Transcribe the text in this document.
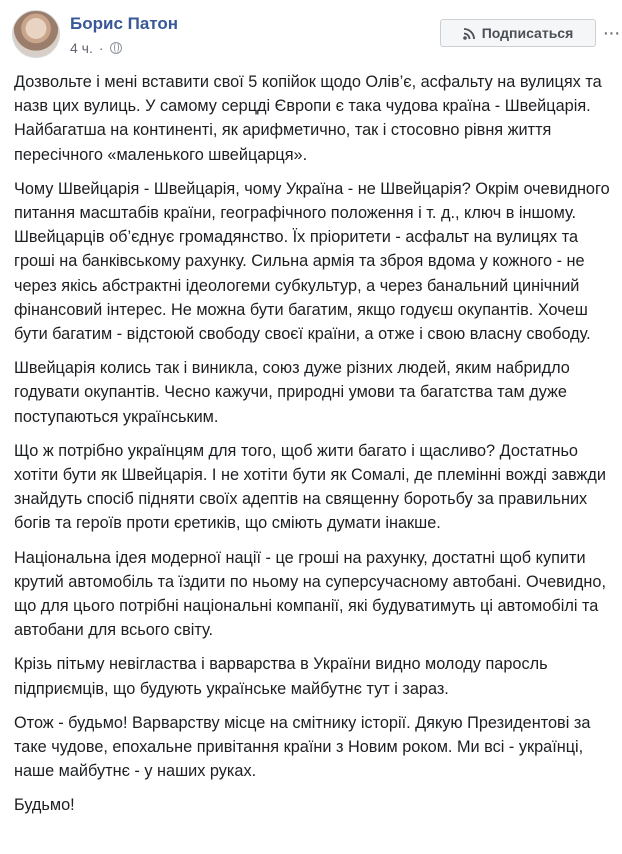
Борис Патон
4 ч. ·
Подписаться ···

Дозвольте і мені вставити свої 5 копійок щодо Олів’є, асфальту на вулицях та назв цих вулиць. У самому серцді Європи є така чудова країна - Швейцарія. Найбагатша на континенті, як арифметично, так і стосовно рівня життя пересічного «маленького швейцарця».

Чому Швейцарія - Швейцарія, чому Україна - не Швейцарія? Окрім очевидного питання масштабів країни, географічного положення і т. д., ключ в іншому. Швейцарців об’єднує громадянство. Їх пріоритети - асфальт на вулицях та гроші на банківському рахунку. Сильна армія та зброя вдома у кожного - не через якісь абстрактні ідеологеми субкультур, а через банальний цинічний фінансовий інтерес. Не можна бути багатим, якщо годуєш окупантів. Хочеш бути багатим - відстоюй свободу своєї країни, а отже і свою власну свободу.

Швейцарія колись так і виникла, союз дуже різних людей, яким набридло годувати окупантів. Чесно кажучи, природні умови та багатства там дуже поступаються українським.

Що ж потрібно українцям для того, щоб жити багато і щасливо? Достатньо хотіти бути як Швейцарія. І не хотіти бути як Сомалі, де племінні вожді завжди знайдуть спосіб підняти своїх адептів на священну боротьбу за правильних богів та героїв проти єретиків, що сміють думати інакше.

Національна ідея модерної нації - це гроші на рахунку, достатні щоб купити крутий автомобіль та їздити по ньому на суперсучасному автобані. Очевидно, що для цього потрібні національні компанії, які будуватимуть ці автомобілі та автобани для всього світу.

Крізь пітьму невігластва і варварства в України видно молоду паросль підприємців, що будують українське майбутнє тут і зараз.

Отож - будьмо! Варварству місце на смітнику історії. Дякую Президентові за таке чудове, епохальне привітання країни з Новим роком. Ми всі - українці, наше майбутнє - у наших руках.

Будьмо!
